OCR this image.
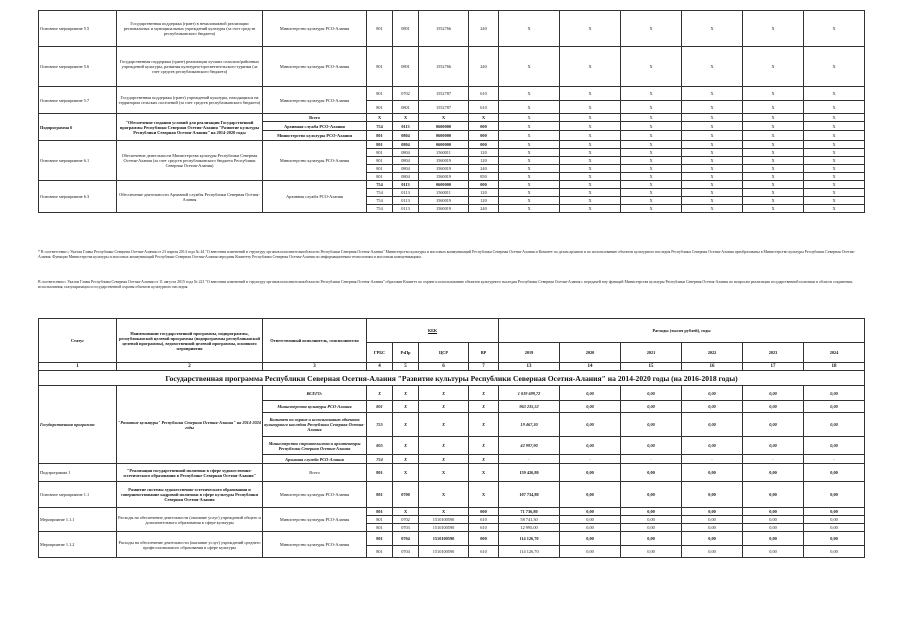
Основное мероприятие 5.5	Государственная поддержка (грант) в немаловажной реализации региональных и муниципальных учреждений культуры (за счет средств республиканского бюджета)	Министерство культуры РСО-Алания	801	0801	1552766	240	Х	Х	Х	Х	Х	Х
Основное мероприятие 5.6	Государственная поддержка (грант) реализации лучших сельских/районных учреждений культуры, развития культурно-просветительского туризма (за счет средств республиканского бюджета)	Министерство культуры РСО-Алания	801	0801	1552766	240	Х	Х	Х	Х	Х	Х
Основное мероприятие 5.7	Государственная поддержка (грант) учреждений культуры, находящихся на территории сельских поселений (за счет средств республиканского бюджета)	Министерство культуры РСО-Алания	801	0702	1552787	610	Х	Х	Х	Х	Х	Х
			801	0801	1552787	610	Х	Х	Х	Х	Х	Х
Подпрограмма 6	"Обеспечение создания условий для реализации Государственной программы Республики Северная Осетия-Алания "Развитие культуры Республики Северная Осетия-Алания" на 2014-2020 годы	Всего	Х	Х	Х	Х	Х	Х	Х	Х	Х	Х
		Архивная служба РСО-Алания	754	0113	0600000	000	Х	Х	Х	Х	Х	Х
		Министерство культуры РСО-Алания	801	0804	0600000	000	Х	Х	Х	Х	Х	Х
Основное мероприятие 6.1	Обеспечение деятельности Министерства культуры Республики Северная Осетия-Алания (за счет средств республиканского бюджета Республики Северная Осетия-Алания)	Министерство культуры РСО-Алания	801	0804	0600000	000	Х	Х	Х	Х	Х	Х
			801	0804	1560011	120	Х	Х	Х	Х	Х	Х
			801	0804	1560019	120	Х	Х	Х	Х	Х	Х
			801	0804	1560019	240	Х	Х	Х	Х	Х	Х
			801	0804	1560019	850	Х	Х	Х	Х	Х	Х
Основное мероприятие 6.3	Обеспечение деятельности Архивной службы Республики Северная Осетия-Алания	Архивная служба РСО-Алания	754	0113	0600000	000	Х	Х	Х	Х	Х	Х
			754	0113	1560011	120	Х	Х	Х	Х	Х	Х
			754	0113	1560019	120	Х	Х	Х	Х	Х	Х
			754	0113	1560019	240	Х	Х	Х	Х	Х	Х
* В соответствии с Указом Главы Республики Северная Осетия-Алания от 23 апреля 2014 года № 44 "О внесении изменений в структуру органов исполнительной власти Республики Северная Осетия-Алания" Министерство культуры и массовых коммуникаций Республики Северная Осетия-Алания и Комитет по делам архивов и по использованию объектов культурного наследия Республики Северная Осетия-Алания преобразованы в Министерство культуры Республики Северная Осетия-Алания. Функции Министерства культуры и массовых коммуникаций Республики Северная Осетия-Алания переданы Комитету Республики Северная Осетия-Алания по информационным технологиям и массовым коммуникациям.
В соответствии с Указом Главы Республики Северная Осетия-Алания от 11 августа 2015 года № 221 "О внесении изменений в структуру органов исполнительной власти Республики Северная Осетия-Алания" образован Комитет по охране и использованию объектов культурного наследия Республики Северная Осетия-Алания с передачей ему функций Министерства культуры Республики Северная Осетия-Алания по вопросам реализации государственной политики в области сохранения, использования, популяризации и государственной охраны объектов культурного наследия
Статус	Наименование государственной программы, подпрограммы, республиканской целевой программы (подпрограммы республиканской целевой программы), ведомственной целевой программы, основного мероприятия	Ответственный исполнитель, соисполнители	КБК				Расходы (тысяч рублей), годы					
			ГРБС	РзПр	ЦСР	ВР	2019	2020	2021	2022	2023	2024
1	2	3	4	5	6	7	13	14	15	16	17	18
Государственная программа Республики Северная Осетия-Алания "Развитие культуры Республики Северная Осетия-Алания" на 2014-2020 годы (на 2016-2018 годы)												
Государственная программа	"Развитие культуры" Республики Северная Осетия-Алания" на 2014-2024 годы	ВСЕГО:	Х	Х	Х	Х	1 019 699,72	0,00	0,00	0,00	0,00	0,00
		Министерство культуры РСО-Алания	801	Х	Х	Х	963 235,52	0,00	0,00	0,00	0,00	0,00
		Комитет по охране и использованию объектов культурного наследия Республики Северная Осетия-Алания	755	Х	Х	Х	19 467,30	0,00	0,00	0,00	0,00	0,00
		Министерство строительства и архитектуры Республики Северная Осетия-Алания	805	Х	Х	Х	42 997,90	0,00	0,00	0,00	0,00	0,00
		Архивная служба РСО-Алания	754	Х	Х	Х	-	-	-	-	-	-
Подпрограмма 1	"Реализация государственной политики в сфере художественно-эстетического образования в Республике Северная Осетия-Алания"	Всего	801	Х	Х	Х	159 426,80	0,00	0,00	0,00	0,00	0,00
Основное мероприятие 1.1	Развитие системы художественно-эстетического образования и совершенствование кадровой политики в сфере культуры Республики Северная Осетия-Алания	Министерство культуры РСО-Алания	801	0700	Х	Х	107 734,80	0,00	0,00	0,00	0,00	0,00
Мероприятие 1.1.1	Расходы на обеспечение деятельности (оказание услуг) учреждений общего и дополнительного образования в сфере культуры	Министерство культуры РСО-Алания	801	Х	Х	000	71 736,80	0,00	0,00	0,00	0,00	0,00
			801	0702	1510100590	610	58 741,30	0,00	0,00	0,00	0,00	0,00
			801	0703	1510100590	610	12 995,00	0,00	0,00	0,00	0,00	0,00
Мероприятие 1.1.2	Расходы на обеспечение деятельности (оказание услуг) учреждений среднего профессионального образования в сфере культуры	Министерство культуры РСО-Алания	801	0704	1510100590	000	114 126,70	0,00	0,00	0,00	0,00	0,00
			801	0704	1510100590	610	114 126,70	0,00	0,00	0,00	0,00	0,00
